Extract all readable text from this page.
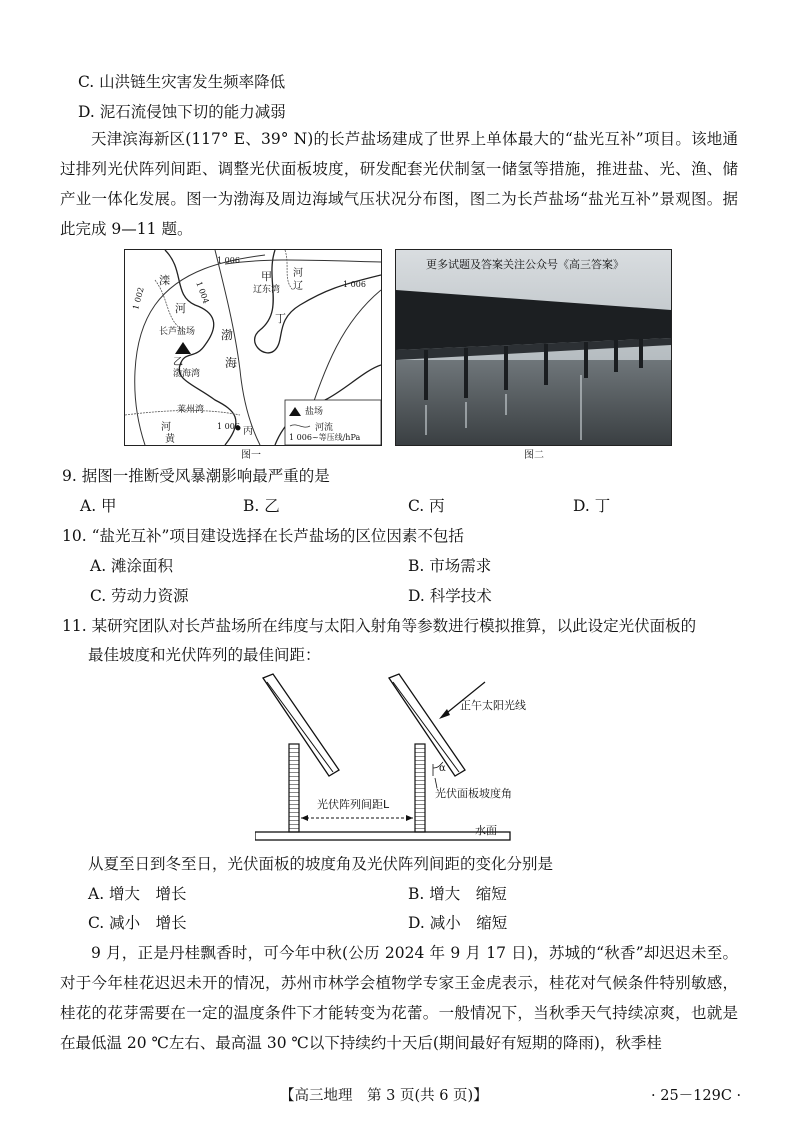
C. 山洪链生灾害发生频率降低
D. 泥石流侵蚀下切的能力减弱
天津滨海新区(117° E、39° N)的长芦盐场建成了世界上单体最大的“盐光互补”项目。该地通过排列光伏阵列间距、调整光伏面板坡度，研发配套光伏制氢一储氢等措施，推进盐、光、渔、储产业一体化发展。图一为渤海及周边海域气压状况分布图，图二为长芦盐场“盐光互补”景观图。据此完成 9—11 题。
滦
河
甲 河
辽
辽东湾
渤
海
丁
长芦盐场
乙
渤海湾
莱州湾
河
黄
丙
1 006
1 006
1 004
1 002
1 006
盐场
河流
1 006~等压线/hPa
图一
更多试题及答案关注公众号《高三答案》
图二
9. 据图一推断受风暴潮影响最严重的是
A. 甲	B. 乙	C. 丙	D. 丁
10. “盐光互补”项目建设选择在长芦盐场的区位因素不包括
A. 滩涂面积	B. 市场需求
C. 劳动力资源	D. 科学技术
11. 某研究团队对长芦盐场所在纬度与太阳入射角等参数进行模拟推算，以此设定光伏面板的
最佳坡度和光伏阵列的最佳间距：
正午太阳光线
α
光伏面板坡度角
光伏阵列间距L
水面
从夏至日到冬至日，光伏面板的坡度角及光伏阵列间距的变化分别是
A. 增大　增长	B. 增大　缩短
C. 减小　增长	D. 减小　缩短
9 月，正是丹桂飘香时，可今年中秋(公历 2024 年 9 月 17 日)，苏城的“秋香”却迟迟未至。对于今年桂花迟迟未开的情况，苏州市林学会植物学专家王金虎表示，桂花对气候条件特别敏感，桂花的花芽需要在一定的温度条件下才能转变为花蕾。一般情况下，当秋季天气持续凉爽，也就是在最低温 20 ℃左右、最高温 30 ℃以下持续约十天后(期间最好有短期的降雨)，秋季桂
【高三地理　第 3 页(共 6 页)】	· 25－129C ·
